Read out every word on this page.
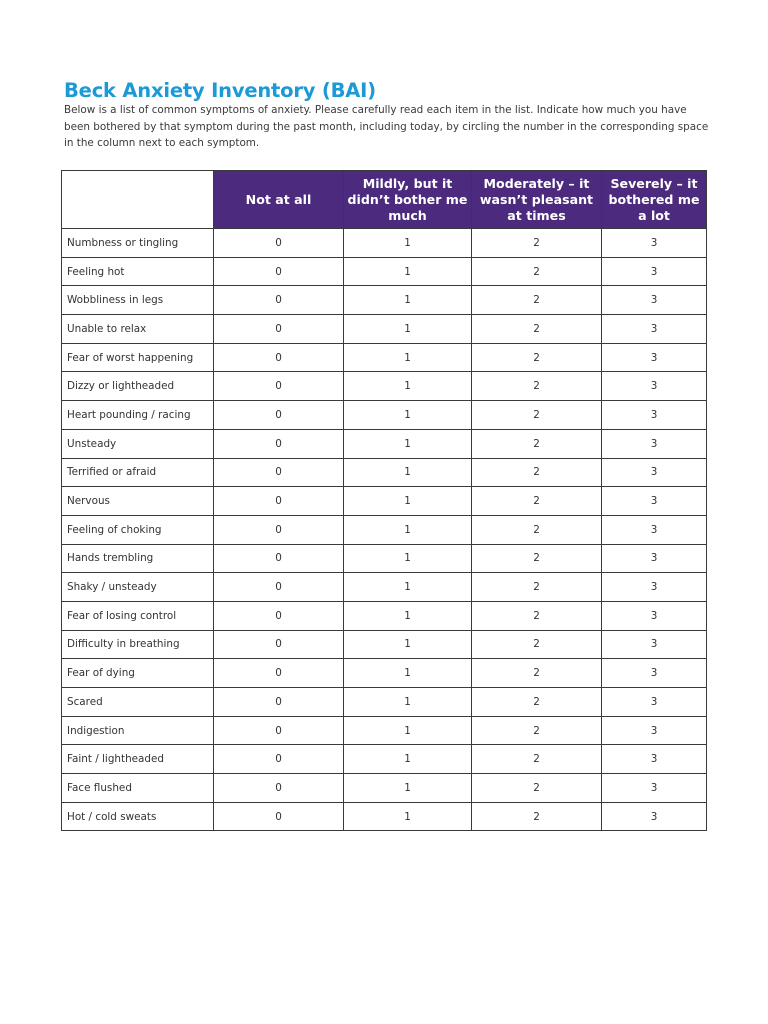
Beck Anxiety Inventory (BAI)

Below is a list of common symptoms of anxiety. Please carefully read each item in the list. Indicate how much you have been bothered by that symptom during the past month, including today, by circling the number in the corresponding space in the column next to each symptom.

	Not at all	Mildly, but it didn’t bother me much	Moderately – it wasn’t pleasant at times	Severely – it bothered me a lot
Numbness or tingling	0	1	2	3
Feeling hot	0	1	2	3
Wobbliness in legs	0	1	2	3
Unable to relax	0	1	2	3
Fear of worst happening	0	1	2	3
Dizzy or lightheaded	0	1	2	3
Heart pounding / racing	0	1	2	3
Unsteady	0	1	2	3
Terrified or afraid	0	1	2	3
Nervous	0	1	2	3
Feeling of choking	0	1	2	3
Hands trembling	0	1	2	3
Shaky / unsteady	0	1	2	3
Fear of losing control	0	1	2	3
Difficulty in breathing	0	1	2	3
Fear of dying	0	1	2	3
Scared	0	1	2	3
Indigestion	0	1	2	3
Faint / lightheaded	0	1	2	3
Face flushed	0	1	2	3
Hot / cold sweats	0	1	2	3
